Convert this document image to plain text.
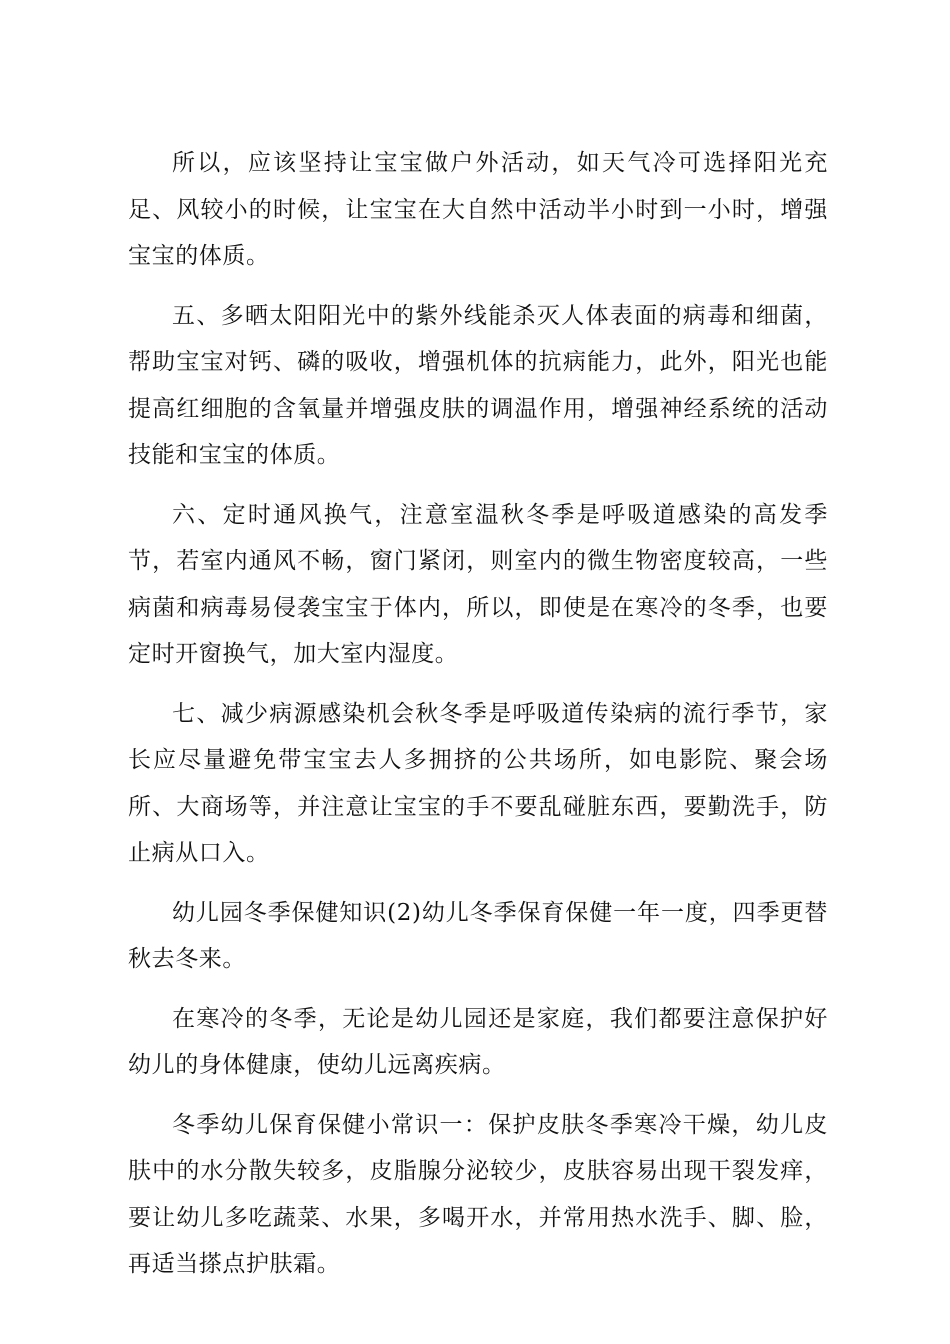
所以，应该坚持让宝宝做户外活动，如天气冷可选择阳光充足、风较小的时候，让宝宝在大自然中活动半小时到一小时，增强宝宝的体质。

五、多晒太阳阳光中的紫外线能杀灭人体表面的病毒和细菌，帮助宝宝对钙、磷的吸收，增强机体的抗病能力，此外，阳光也能提高红细胞的含氧量并增强皮肤的调温作用，增强神经系统的活动技能和宝宝的体质。

六、定时通风换气，注意室温秋冬季是呼吸道感染的高发季节，若室内通风不畅，窗门紧闭，则室内的微生物密度较高，一些病菌和病毒易侵袭宝宝于体内，所以，即使是在寒冷的冬季，也要定时开窗换气，加大室内湿度。

七、减少病源感染机会秋冬季是呼吸道传染病的流行季节，家长应尽量避免带宝宝去人多拥挤的公共场所，如电影院、聚会场所、大商场等，并注意让宝宝的手不要乱碰脏东西，要勤洗手，防止病从口入。

幼儿园冬季保健知识(2)幼儿冬季保育保健一年一度，四季更替秋去冬来。

在寒冷的冬季，无论是幼儿园还是家庭，我们都要注意保护好幼儿的身体健康，使幼儿远离疾病。

冬季幼儿保育保健小常识一：保护皮肤冬季寒冷干燥，幼儿皮肤中的水分散失较多，皮脂腺分泌较少，皮肤容易出现干裂发痒，要让幼儿多吃蔬菜、水果，多喝开水，并常用热水洗手、脚、脸，再适当搽点护肤霜。
